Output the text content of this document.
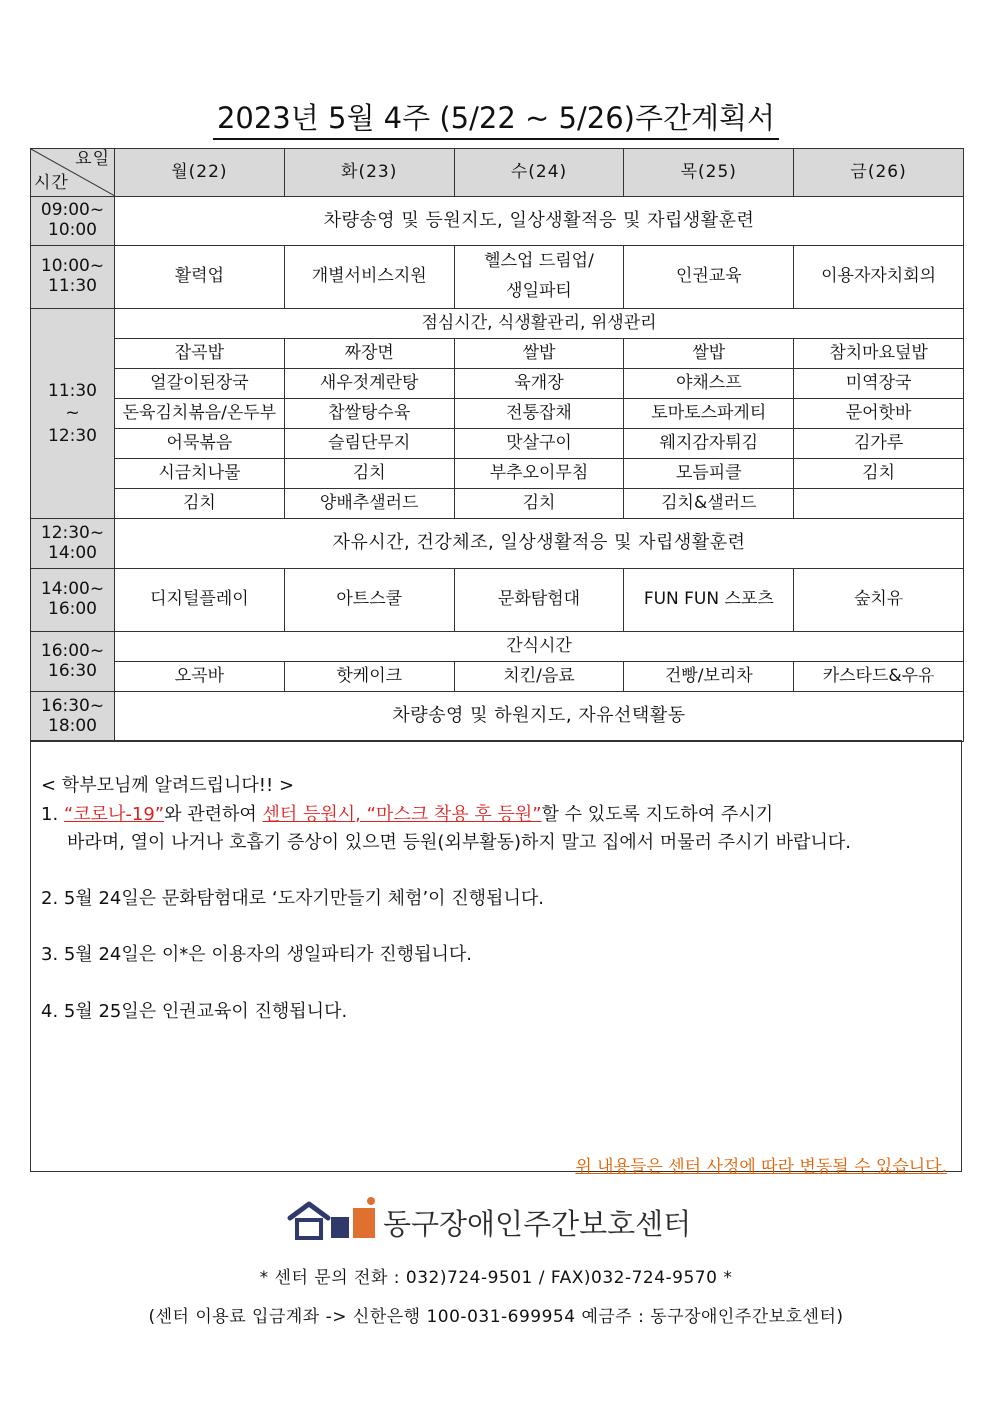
2023년 5월 4주 (5/22 ~ 5/26)주간계획서
요일
시간	월(22)	화(23)	수(24)	목(25)	금(26)
09:00~
10:00	차량송영 및 등원지도, 일상생활적응 및 자립생활훈련				
10:00~
11:30	활력업	개별서비스지원	헬스업 드림업/
생일파티	인권교육	이용자자치회의
11:30
~
12:30	점심시간, 식생활관리, 위생관리				
	잡곡밥	짜장면	쌀밥	쌀밥	참치마요덮밥
	얼갈이된장국	새우젓계란탕	육개장	야채스프	미역장국
	돈육김치볶음/온두부	찹쌀탕수육	전통잡채	토마토스파게티	문어핫바
	어묵볶음	슬림단무지	맛살구이	웨지감자튀김	김가루
	시금치나물	김치	부추오이무침	모듬피클	김치
	김치	양배추샐러드	김치	김치&샐러드	
12:30~
14:00	자유시간, 건강체조, 일상생활적응 및 자립생활훈련				
14:00~
16:00	디지털플레이	아트스쿨	문화탐험대	FUN FUN 스포츠	숲치유
16:00~
16:30	간식시간				
	오곡바	핫케이크	치킨/음료	건빵/보리차	카스타드&우유
16:30~
18:00	차량송영 및 하원지도, 자유선택활동				
< 학부모님께 알려드립니다!! >
1. “코로나-19”와 관련하여 센터 등원시, “마스크 착용 후 등원”할 수 있도록 지도하여 주시기
바라며, 열이 나거나 호흡기 증상이 있으면 등원(외부활동)하지 말고 집에서 머물러 주시기 바랍니다.
2. 5월 24일은 문화탐험대로 ‘도자기만들기 체험’이 진행됩니다.
3. 5월 24일은 이*은 이용자의 생일파티가 진행됩니다.
4. 5월 25일은 인권교육이 진행됩니다.
위 내용들은 센터 사정에 따라 변동될 수 있습니다.
동구장애인주간보호센터
* 센터 문의 전화 : 032)724-9501 / FAX)032-724-9570 *
(센터 이용료 입금계좌 -> 신한은행 100-031-699954 예금주 : 동구장애인주간보호센터)
